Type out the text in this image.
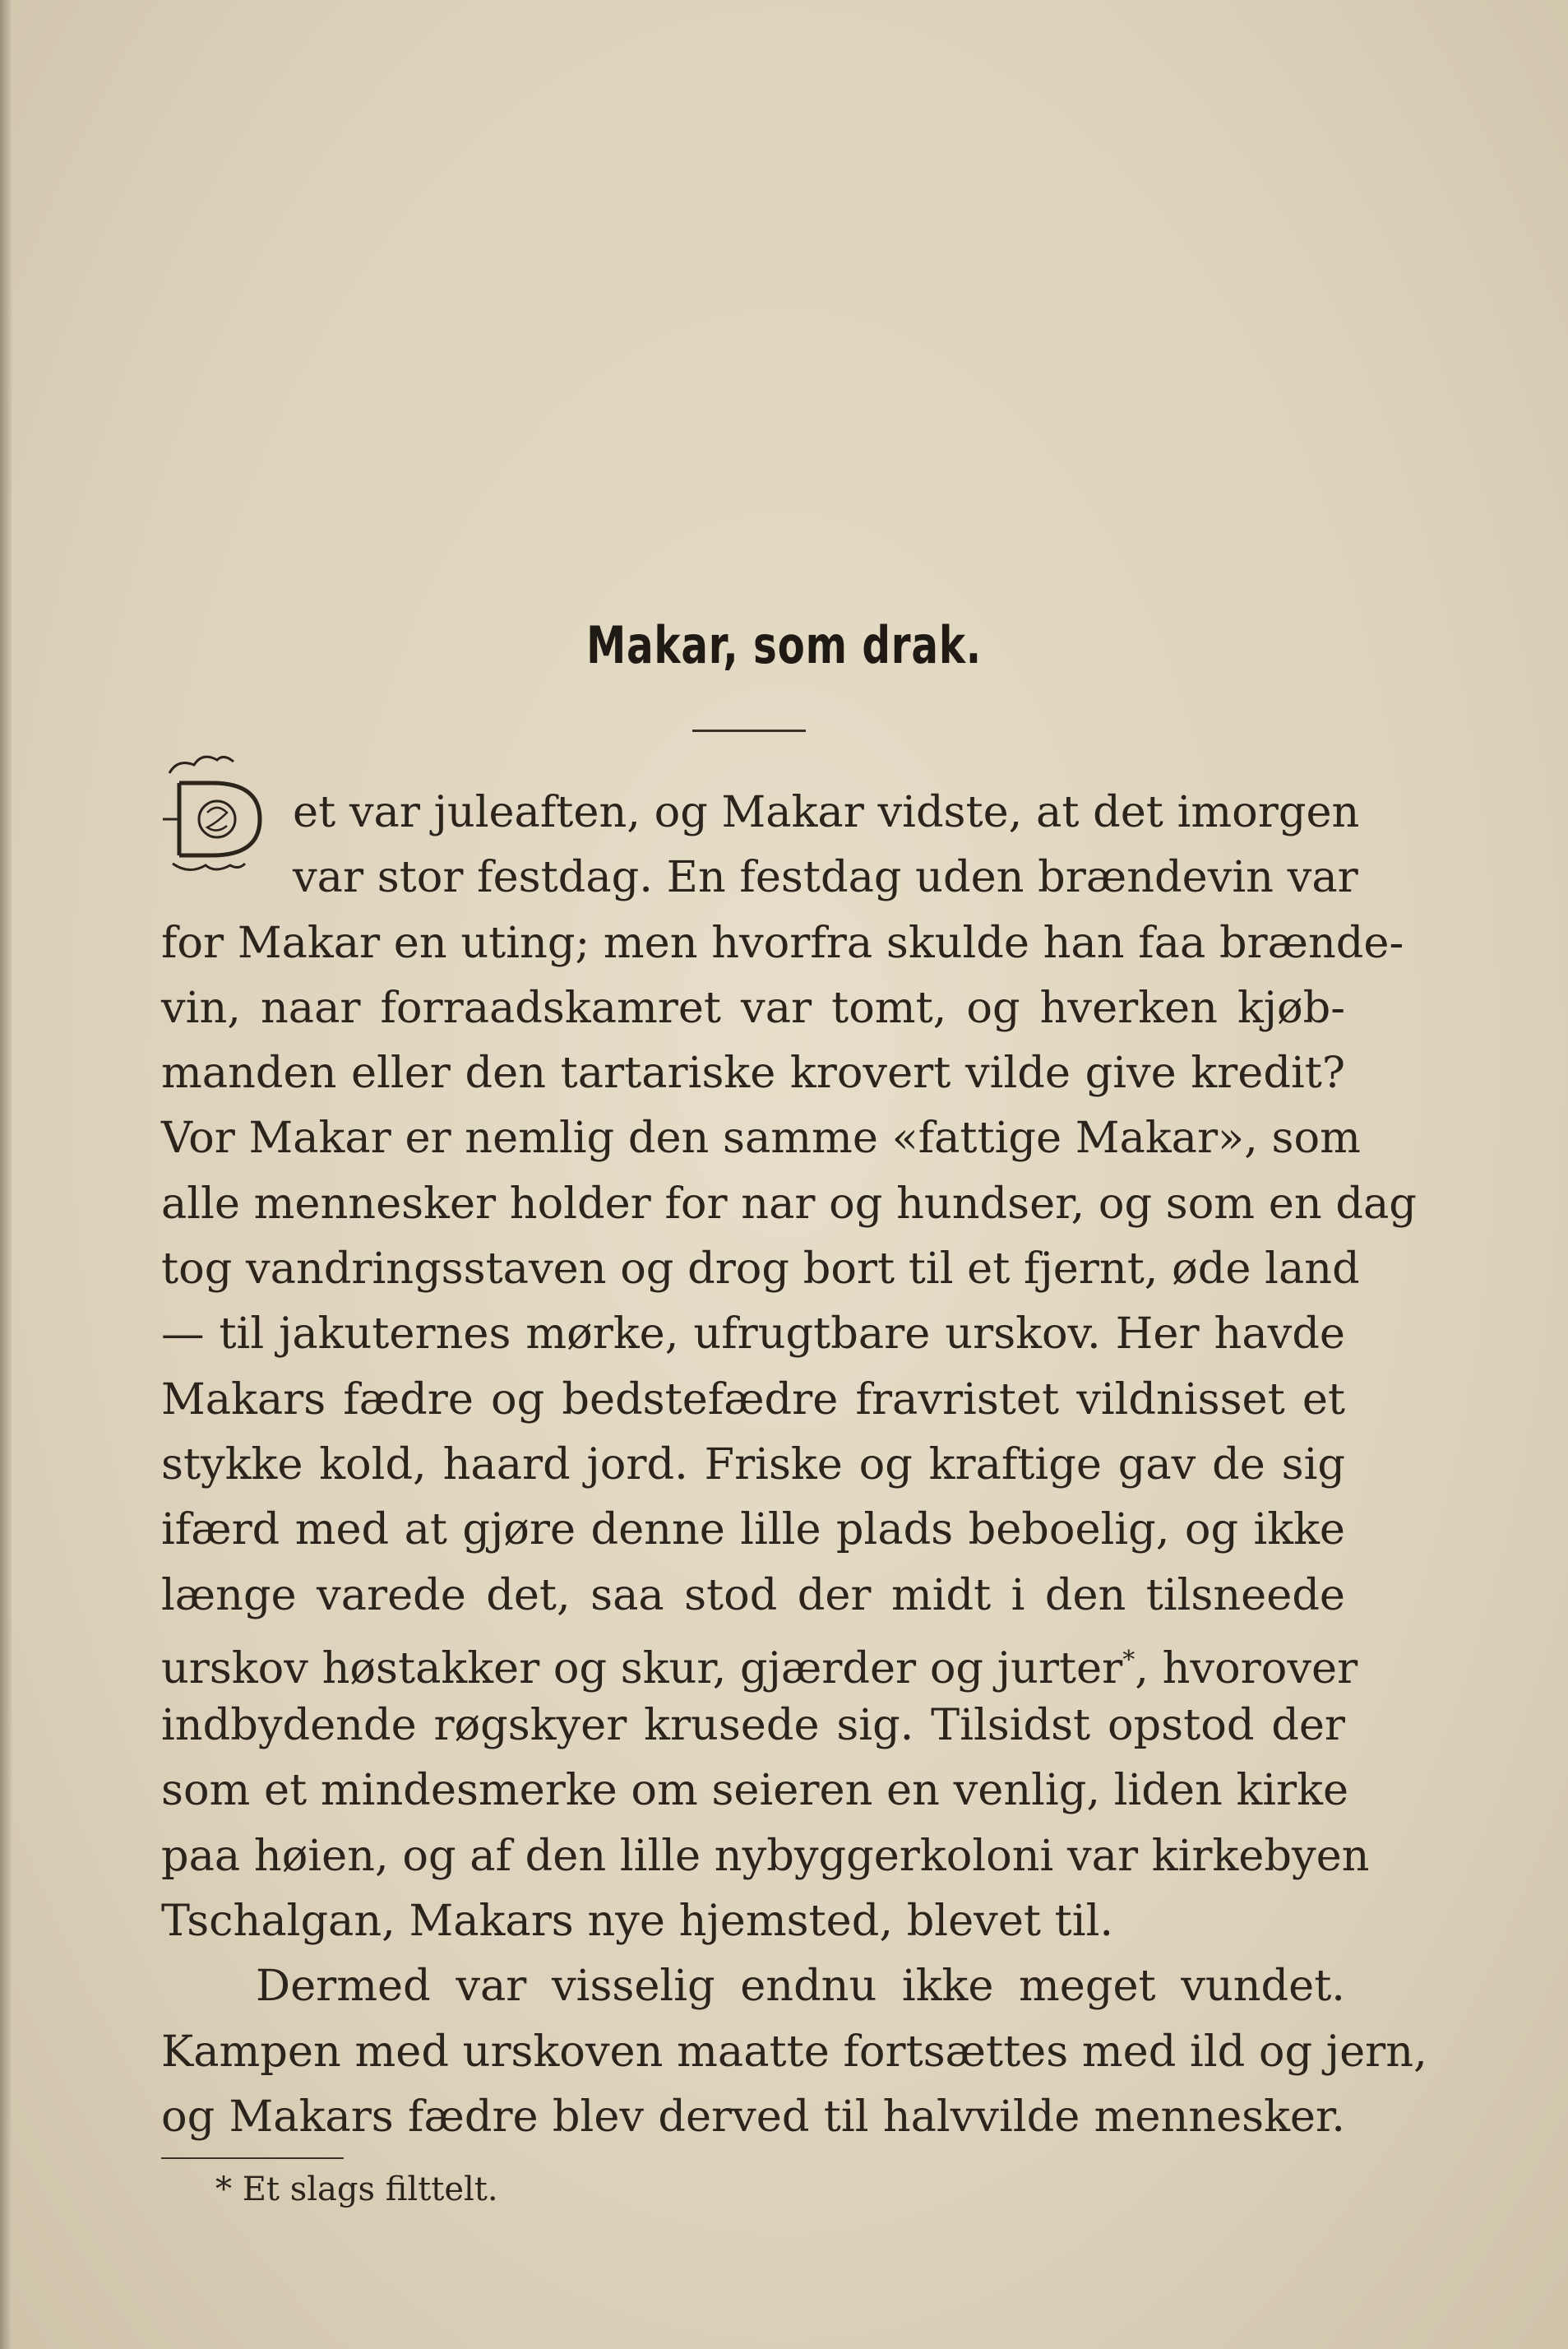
Makar, som drak.
et var juleaften, og Makar vidste, at det imorgen
var stor festdag. En festdag uden brændevin var
for Makar en uting; men hvorfra skulde han faa brænde-
vin, naar forraadskamret var tomt, og hverken kjøb-
manden eller den tartariske krovert vilde give kredit?
Vor Makar er nemlig den samme «fattige Makar», som
alle mennesker holder for nar og hundser, og som en dag
tog vandringsstaven og drog bort til et fjernt, øde land
— til jakuternes mørke, ufrugtbare urskov. Her havde
Makars fædre og bedstefædre fravristet vildnisset et
stykke kold, haard jord. Friske og kraftige gav de sig
ifærd med at gjøre denne lille plads beboelig, og ikke
længe varede det, saa stod der midt i den tilsneede
urskov høstakker og skur, gjærder og jurter*, hvorover
indbydende røgskyer krusede sig. Tilsidst opstod der
som et mindesmerke om seieren en venlig, liden kirke
paa høien, og af den lille nybyggerkoloni var kirkebyen
Tschalgan, Makars nye hjemsted, blevet til.
Dermed var visselig endnu ikke meget vundet.
Kampen med urskoven maatte fortsættes med ild og jern,
og Makars fædre blev derved til halvvilde mennesker.
* Et slags filttelt.
